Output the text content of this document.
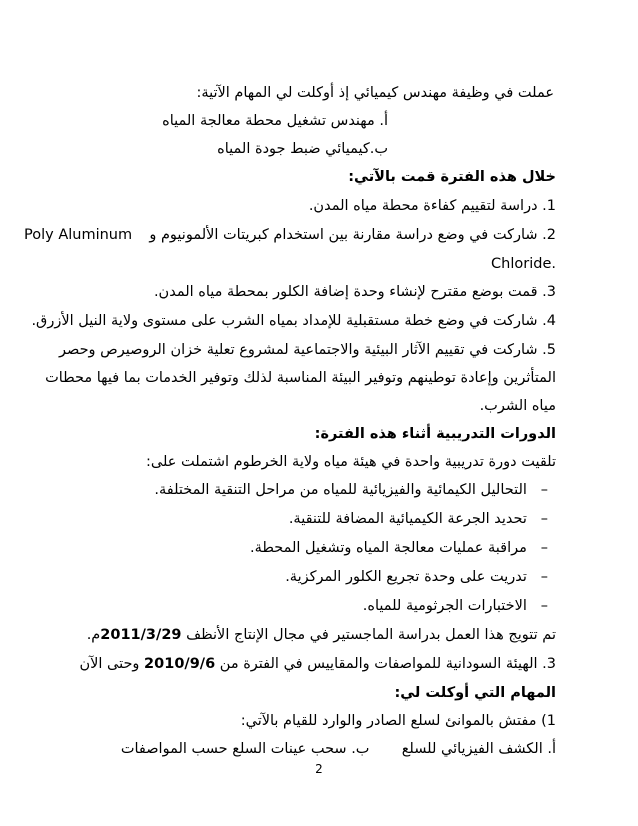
عملت في وظيفة مهندس كيميائي إذ أوكلت لي المهام الآتية:
أ. مهندس تشغيل محطة معالجة المياه
ب.كيميائي ضبط جودة المياه
خلال هذه الفترة قمت بالآتي:
1. دراسة لتقييم كفاءة محطة مياه المدن.
2. شاركت في وضع دراسة مقارنة بين استخدام كبريتات الألمونيوم و
Poly Aluminum
Chloride.
3. قمت بوضع مقترح لإنشاء وحدة إضافة الكلور بمحطة مياه المدن.
4. شاركت في وضع خطة مستقبلية للإمداد بمياه الشرب على مستوى ولاية النيل الأزرق.
5. شاركت في تقييم الآثار البيئية والاجتماعية لمشروع تعلية خزان الروصيرص وحصر
المتأثرين وإعادة توطينهم وتوفير البيئة المناسبة لذلك وتوفير الخدمات بما فيها محطات
مياه الشرب.
الدورات التدريبية أثناء هذه الفترة:
تلقيت دورة تدريبية واحدة في هيئة مياه ولاية الخرطوم اشتملت على:
–   التحاليل الكيمائية والفيزيائية للمياه من مراحل التنقية المختلفة.
–   تحديد الجرعة الكيميائية المضافة للتنقية.
–   مراقبة عمليات معالجة المياه وتشغيل المحطة.
–   تدريت على وحدة تجريع الكلور المركزية.
–   الاختبارات الجرثومية للمياه.
تم تتويج هذا العمل بدراسة الماجستير في مجال الإنتاج الأنظف 2011/3/29م.
3. الهيئة السودانية للمواصفات والمقاييس في الفترة من 2010/9/6 وحتى الآن
المهام التي أوكلت لي:
1) مفتش بالموانئ لسلع الصادر والوارد للقيام بالآتي:
أ. الكشف الفيزيائي للسلع       ب. سحب عينات السلع حسب المواصفات
2
